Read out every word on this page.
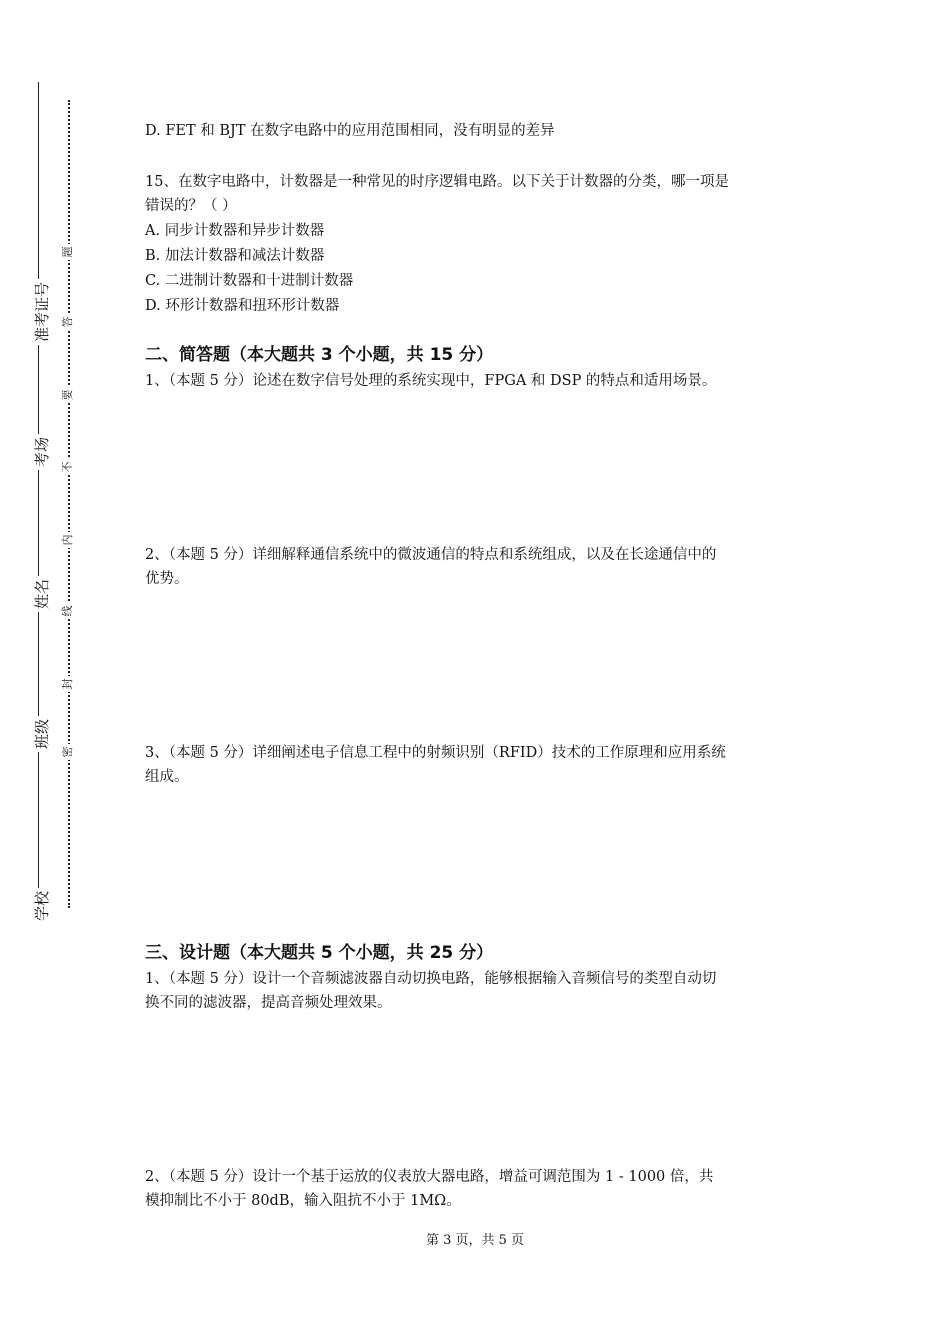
准考证号
考场
姓名
班级
学校
题
答
要
不
内
线
封
密

D. FET 和 BJT 在数字电路中的应用范围相同，没有明显的差异

15、在数字电路中，计数器是一种常见的时序逻辑电路。以下关于计数器的分类，哪一项是

错误的？（ ）

A. 同步计数器和异步计数器

B. 加法计数器和减法计数器

C. 二进制计数器和十进制计数器

D. 环形计数器和扭环形计数器

二、简答题（本大题共 3 个小题，共 15 分）

1、（本题 5 分）论述在数字信号处理的系统实现中，FPGA 和 DSP 的特点和适用场景。

2、（本题 5 分）详细解释通信系统中的微波通信的特点和系统组成，以及在长途通信中的

优势。

3、（本题 5 分）详细阐述电子信息工程中的射频识别（RFID）技术的工作原理和应用系统

组成。

三、设计题（本大题共 5 个小题，共 25 分）

1、（本题 5 分）设计一个音频滤波器自动切换电路，能够根据输入音频信号的类型自动切

换不同的滤波器，提高音频处理效果。

2、（本题 5 分）设计一个基于运放的仪表放大器电路，增益可调范围为 1 - 1000 倍，共

模抑制比不小于 80dB，输入阻抗不小于 1MΩ。

第 3 页，共 5 页
